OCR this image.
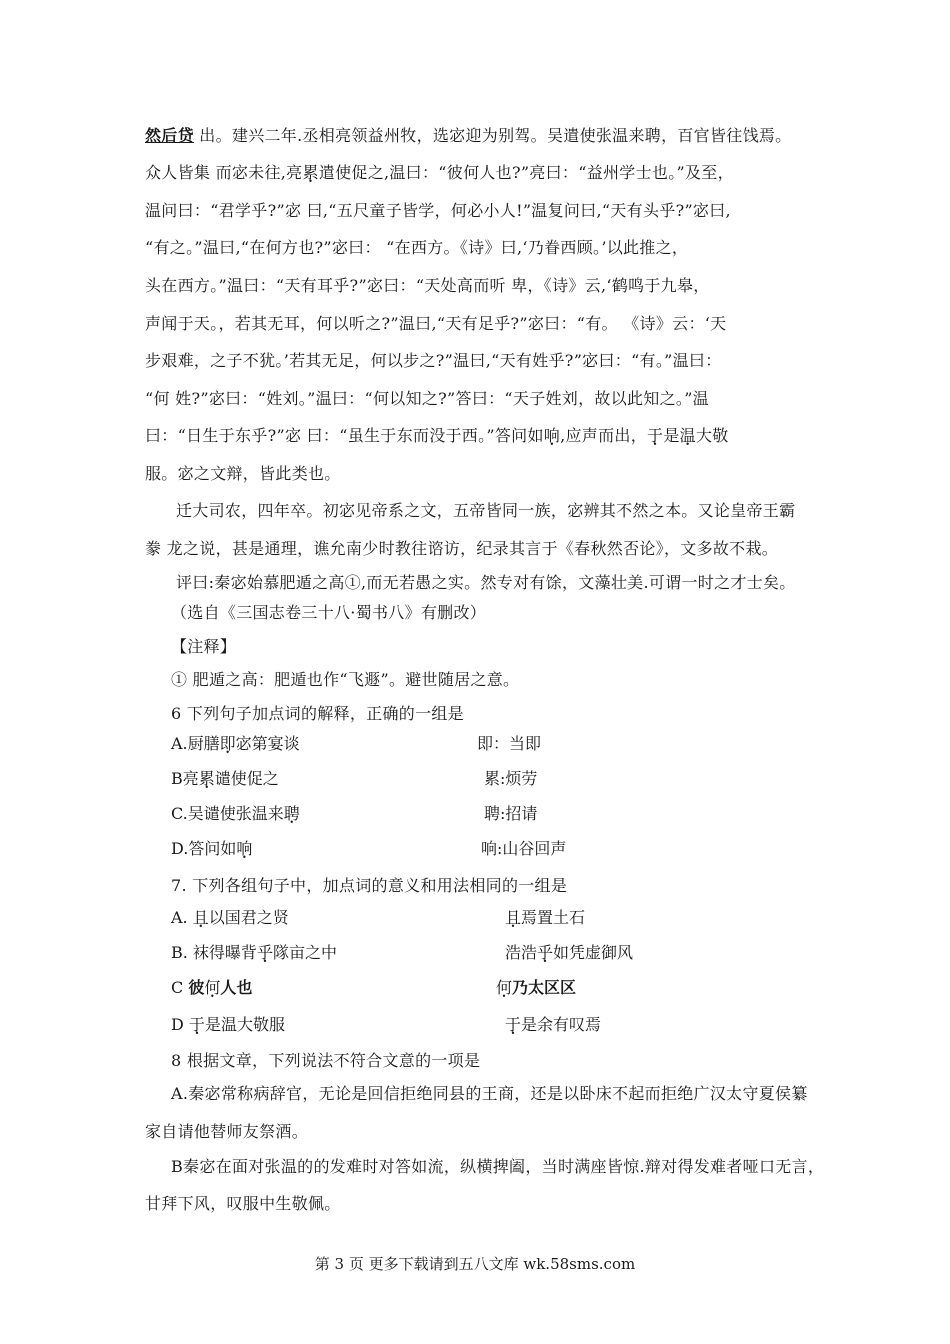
然后贷 出。建兴二年.丞相亮领益州牧，选宓迎为别驾。吴遣使张温来聘，百官皆往饯焉。
众人皆集 而宓未往,亮累遣使促之,温曰：“彼何人也?”亮曰：“益州学士也。”及至，
温问曰：“君学乎?”宓 曰,“五尺童子皆学，何必小人!”温复问曰,“天有头乎?”宓曰,
“有之。”温曰,“在何方也?”宓曰： “在西方。《诗》曰,‘乃眷西顾。’以此推之，
头在西方。”温曰：“天有耳乎?”宓曰：“天处高而听 卑，《诗》云,‘鹤鸣于九皋，
声闻于天。，若其无耳，何以听之?”温曰,“天有足乎?”宓曰：“有。 《诗》云：‘天
步艰难，之子不犹。’若其无足，何以步之?”温曰,“天有姓乎?”宓曰：“有。”温曰：
“何 姓?”宓曰：“姓刘。”温曰：“何以知之?”答曰：“天子姓刘，故以此知之。”温
曰：“日生于东乎?”宓 曰：“虽生于东而没于西。”答问如响,应声而出，于是温大敬
服。宓之文辩，皆此类也。
迁大司农，四年卒。初宓见帝系之文，五帝皆同一族，宓辨其不然之本。又论皇帝王霸
豢 龙之说，甚是通理，谯允南少时教往谘访，纪录其言于《春秋然否论》，文多故不栽。
评曰:秦宓始慕肥遁之高①,而无若愚之实。然专对有馀，文藻壮美.可谓一时之才士矣。
（选自《三国志卷三十八·蜀书八》有删改）
【注释】
① 肥遁之高：肥遁也作“飞遯”。避世随居之意。
6 下列句子加点词的解释，正确的一组是
A.厨膳即宓第宴谈	即：当即
B亮累谴使促之	累:烦劳
C.吴谴使张温来聘	聘:招请
D.答问如响	响:山谷回声
7. 下列各组句子中，加点词的意义和用法相同的一组是
A. 且以国君之贤	且焉置土石
B. 袜得曝背乎隊亩之中	浩浩乎如凭虚御风
C 彼何人也	何乃太区区
D 于是温大敬服	于是余有叹焉
8 根据文章，下列说法不符合文意的一项是
A.秦宓常称病辞官，无论是回信拒绝同县的王商，还是以卧床不起而拒绝广汉太守夏侯纂
家自请他替师友祭酒。
B秦宓在面对张温的的发难时对答如流，纵横捭阖，当时满座皆惊.辩对得发难者哑口无言，
甘拜下风，叹服中生敬佩。
第 3 页 更多下载请到五八文库 wk.58sms.com
